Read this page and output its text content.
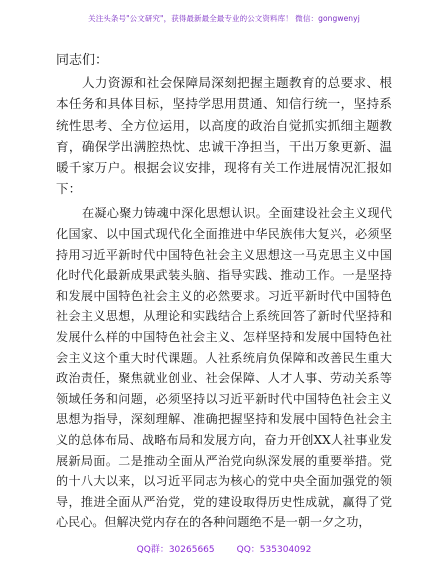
关注头条号"公文研究"，获得最新最全最专业的公文资料库！ 微信：gongwenyj

同志们：

人力资源和社会保障局深刻把握主题教育的总要求、根本任务和具体目标，坚持学思用贯通、知信行统一，坚持系统性思考、全方位运用，以高度的政治自觉抓实抓细主题教育，确保学出满腔热忱、忠诚干净担当，干出万象更新、温暖千家万户。根据会议安排，现将有关工作进展情况汇报如下：

在凝心聚力铸魂中深化思想认识。全面建设社会主义现代化国家、以中国式现代化全面推进中华民族伟大复兴，必须坚持用习近平新时代中国特色社会主义思想这一马克思主义中国化时代化最新成果武装头脑、指导实践、推动工作。一是坚持和发展中国特色社会主义的必然要求。习近平新时代中国特色社会主义思想，从理论和实践结合上系统回答了新时代坚持和发展什么样的中国特色社会主义、怎样坚持和发展中国特色社会主义这个重大时代课题。人社系统肩负保障和改善民生重大政治责任，聚焦就业创业、社会保障、人才人事、劳动关系等领域任务和问题，必须坚持以习近平新时代中国特色社会主义思想为指导，深刻理解、准确把握坚持和发展中国特色社会主义的总体布局、战略布局和发展方向，奋力开创XX人社事业发展新局面。二是推动全面从严治党向纵深发展的重要举措。党的十八大以来，以习近平同志为核心的党中央全面加强党的领导，推进全面从严治党，党的建设取得历史性成就，赢得了党心民心。但解决党内存在的各种问题绝不是一朝一夕之功，

QQ群：30265665 QQ：535304092
